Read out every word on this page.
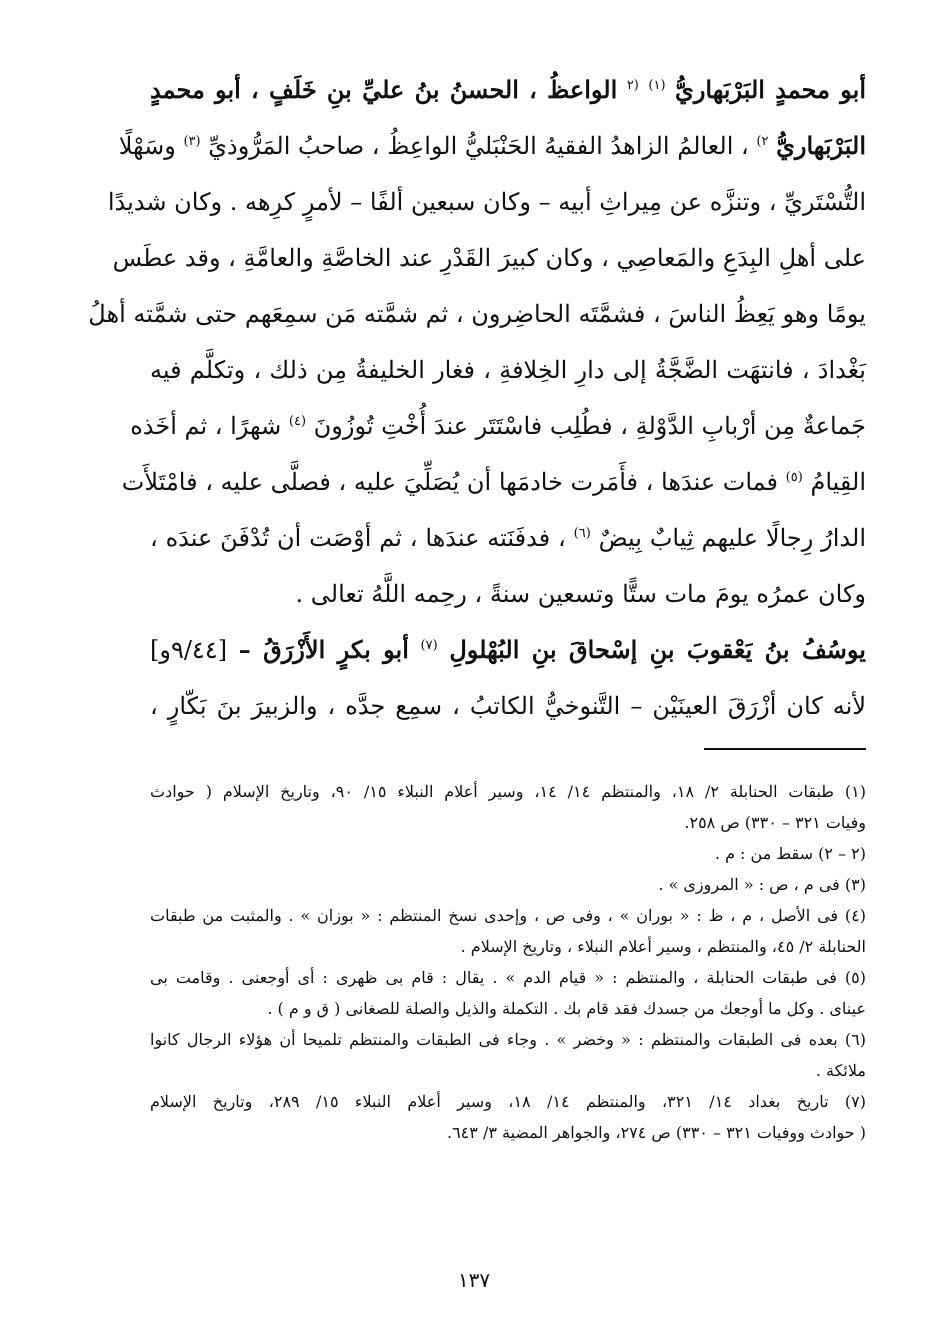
أبو محمدٍ البَرْبَهاريُّ $^{(١)}$ $^{(٢}$ الواعظُ ، الحسنُ بنُ عليِّ بنِ خَلَفٍ ، أبو محمدٍ
البَرْبَهاريُّ $^{٢)}$ ، العالمُ الزاهدُ الفقيهُ الحَنْبَليُّ الواعِظُ ، صاحبُ المَرُّوذيِّ $^{(٣)}$ وسَهْلًا
التُّسْتَريِّ ، وتنزَّه عن مِيراثِ أبيه – وكان سبعين ألفًا – لأمرٍ كرِهه . وكان شديدًا
على أهلِ البِدَعِ والمَعاصِي ، وكان كبيرَ القَدْرِ عند الخاصَّةِ والعامَّةِ ، وقد عطَس
يومًا وهو يَعِظُ الناسَ ، فشمَّتَه الحاضِرون ، ثم شمَّته مَن سمِعَهم حتى شمَّته أهلُ
بَغْدادَ ، فانتهَت الضَّجَّةُ إلى دارِ الخِلافةِ ، فغار الخليفةُ مِن ذلك ، وتكلَّم فيه
جَماعةٌ مِن أرْبابِ الدَّوْلةِ ، فطُلِب فاسْتَتَر عندَ أُخْتِ تُوزُونَ $^{(٤)}$ شهرًا ، ثم أخَذه
القِيامُ $^{(٥)}$ فمات عندَها ، فأَمَرت خادمَها أن يُصَلِّيَ عليه ، فصلَّى عليه ، فامْتَلأَت
الدارُ رِجالًا عليهم ثِيابٌ بِيضٌ $^{(٦)}$ ، فدفَنَته عندَها ، ثم أوْصَت أن تُدْفَنَ عندَه ،
وكان عمرُه يومَ مات ستًّا وتسعين سنةً ، رحِمه اللَّهُ تعالى .
يوسُفُ بنُ يَعْقوبَ بنِ إسْحاقَ بنِ البُهْلولِ $^{(٧)}$ أبو بكرٍ الأَزْرَقُ – [٩/٤٤و]
لأنه كان أزْرَقَ العينَيْن – التَّنوخيُّ الكاتبُ ، سمِع جدَّه ، والزبيرَ بنَ بَكّارٍ ،
(١) طبقات الحنابلة ٢/ ١٨، والمنتظم ١٤/ ١٤، وسير أعلام النبلاء ١٥/ ٩٠، وتاريخ الإسلام ( حوادث
وفيات ٣٢١ – ٣٣٠) ص ٢٥٨.
(٢ – ٢) سقط من : م .
(٣) فى م ، ص : « المروزى » .
(٤) فى الأصل ، م ، ظ : « بوران » ، وفى ص ، وإحدى نسخ المنتظم : « بوزان » . والمثبت من طبقات
الحنابلة ٢/ ٤٥، والمنتظم ، وسير أعلام النبلاء ، وتاريخ الإسلام .
(٥) فى طبقات الحنابلة ، والمنتظم : « قيام الدم » . يقال : قام بى ظهرى : أى أوجعنى . وقامت بى
عيناى . وكل ما أوجعك من جسدك فقد قام بك . التكملة والذيل والصلة للصغانى ( ق و م ) .
(٦) بعده فى الطبقات والمنتظم : « وخضر » . وجاء فى الطبقات والمنتظم تلميحا أن هؤلاء الرجال كانوا
ملائكة .
(٧) تاريخ بغداد ١٤/ ٣٢١، والمنتظم ١٤/ ١٨، وسير أعلام النبلاء ١٥/ ٢٨٩، وتاريخ الإسلام
( حوادث ووفيات ٣٢١ – ٣٣٠) ص ٢٧٤، والجواهر المضية ٣/ ٦٤٣.
١٣٧
